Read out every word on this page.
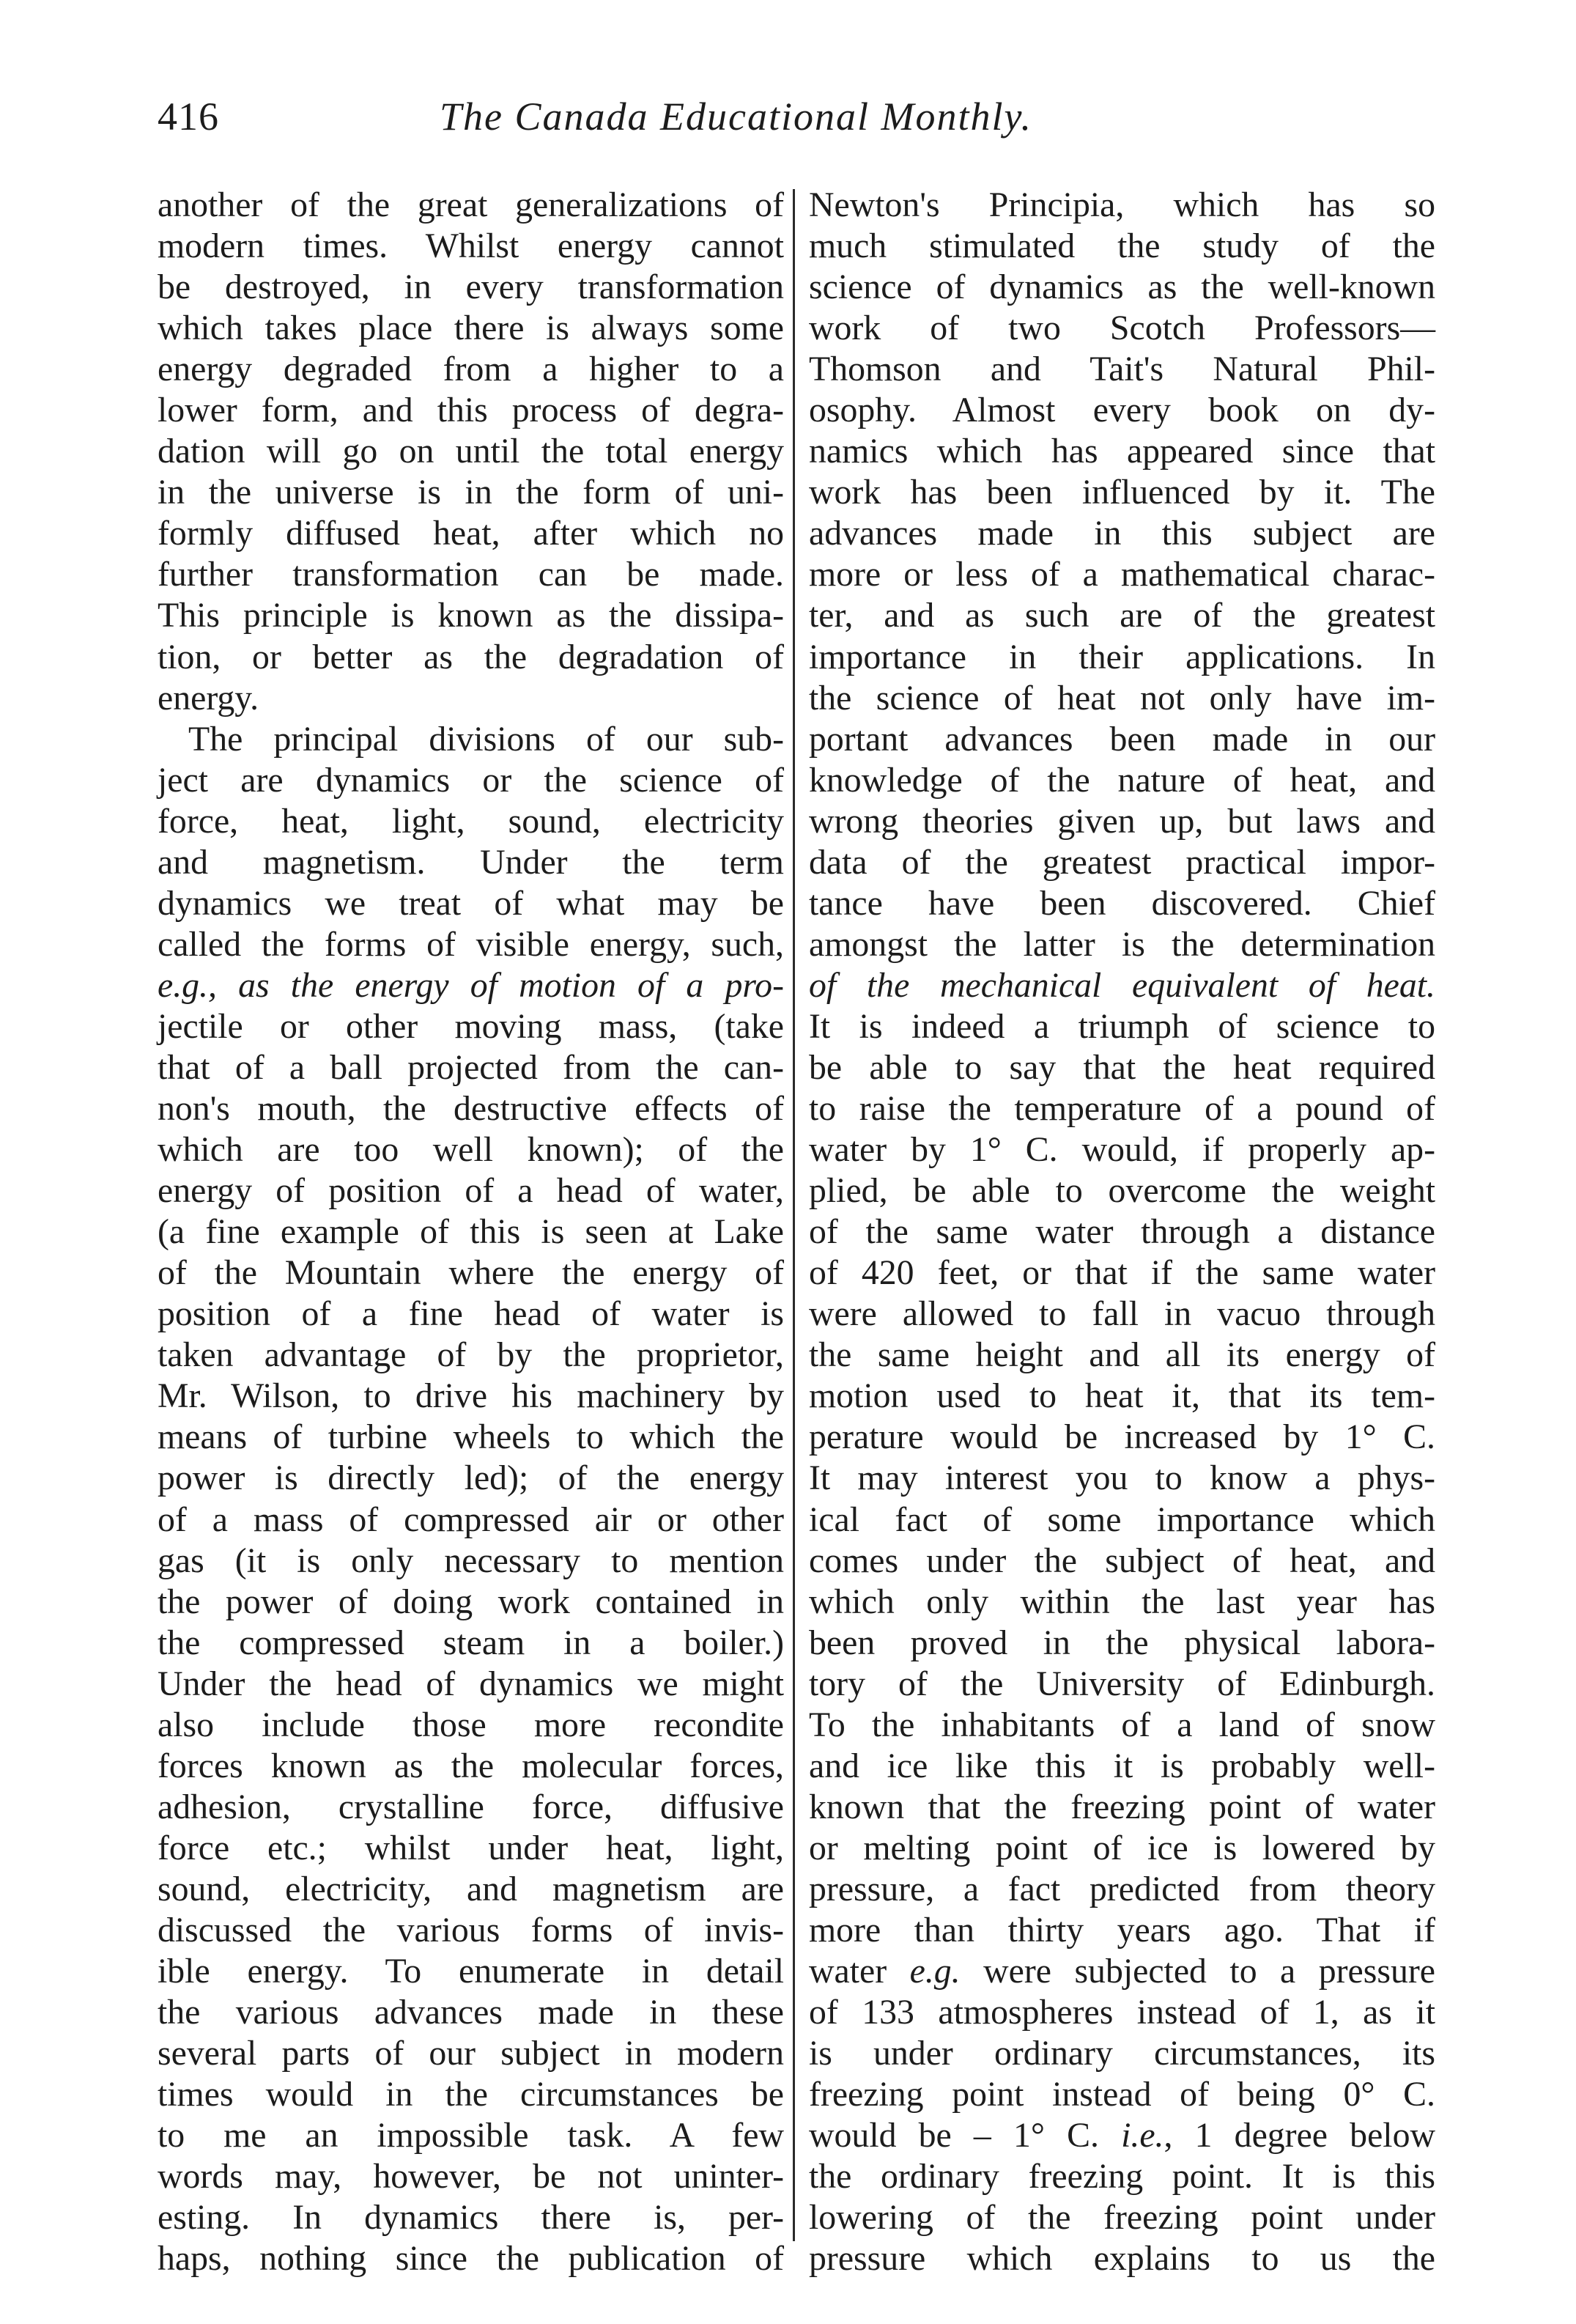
416	The Canada Educational Monthly.
another of the great generalizations of
modern times. Whilst energy cannot
be destroyed, in every transformation
which takes place there is always some
energy degraded from a higher to a
lower form, and this process of degra-
dation will go on until the total energy
in the universe is in the form of uni-
formly diffused heat, after which no
further transformation can be made.
This principle is known as the dissipa-
tion, or better as the degradation of
energy.
The principal divisions of our sub-
ject are dynamics or the science of
force, heat, light, sound, electricity
and magnetism. Under the term
dynamics we treat of what may be
called the forms of visible energy, such,
e.g., as the energy of motion of a pro-
jectile or other moving mass, (take
that of a ball projected from the can-
non's mouth, the destructive effects of
which are too well known); of the
energy of position of a head of water,
(a fine example of this is seen at Lake
of the Mountain where the energy of
position of a fine head of water is
taken advantage of by the proprietor,
Mr. Wilson, to drive his machinery by
means of turbine wheels to which the
power is directly led); of the energy
of a mass of compressed air or other
gas (it is only necessary to mention
the power of doing work contained in
the compressed steam in a boiler.)
Under the head of dynamics we might
also include those more recondite
forces known as the molecular forces,
adhesion, crystalline force, diffusive
force etc.; whilst under heat, light,
sound, electricity, and magnetism are
discussed the various forms of invis-
ible energy. To enumerate in detail
the various advances made in these
several parts of our subject in modern
times would in the circumstances be
to me an impossible task. A few
words may, however, be not uninter-
esting. In dynamics there is, per-
haps, nothing since the publication of
Newton's Principia, which has so
much stimulated the study of the
science of dynamics as the well-known
work of two Scotch Professors—
Thomson and Tait's Natural Phil-
osophy. Almost every book on dy-
namics which has appeared since that
work has been influenced by it. The
advances made in this subject are
more or less of a mathematical charac-
ter, and as such are of the greatest
importance in their applications. In
the science of heat not only have im-
portant advances been made in our
knowledge of the nature of heat, and
wrong theories given up, but laws and
data of the greatest practical impor-
tance have been discovered. Chief
amongst the latter is the determination
of the mechanical equivalent of heat.
It is indeed a triumph of science to
be able to say that the heat required
to raise the temperature of a pound of
water by 1° C. would, if properly ap-
plied, be able to overcome the weight
of the same water through a distance
of 420 feet, or that if the same water
were allowed to fall in vacuo through
the same height and all its energy of
motion used to heat it, that its tem-
perature would be increased by 1° C.
It may interest you to know a phys-
ical fact of some importance which
comes under the subject of heat, and
which only within the last year has
been proved in the physical labora-
tory of the University of Edinburgh.
To the inhabitants of a land of snow
and ice like this it is probably well-
known that the freezing point of water
or melting point of ice is lowered by
pressure, a fact predicted from theory
more than thirty years ago. That if
water e.g. were subjected to a pressure
of 133 atmospheres instead of 1, as it
is under ordinary circumstances, its
freezing point instead of being 0° C.
would be – 1° C. i.e., 1 degree below
the ordinary freezing point. It is this
lowering of the freezing point under
pressure which explains to us the
